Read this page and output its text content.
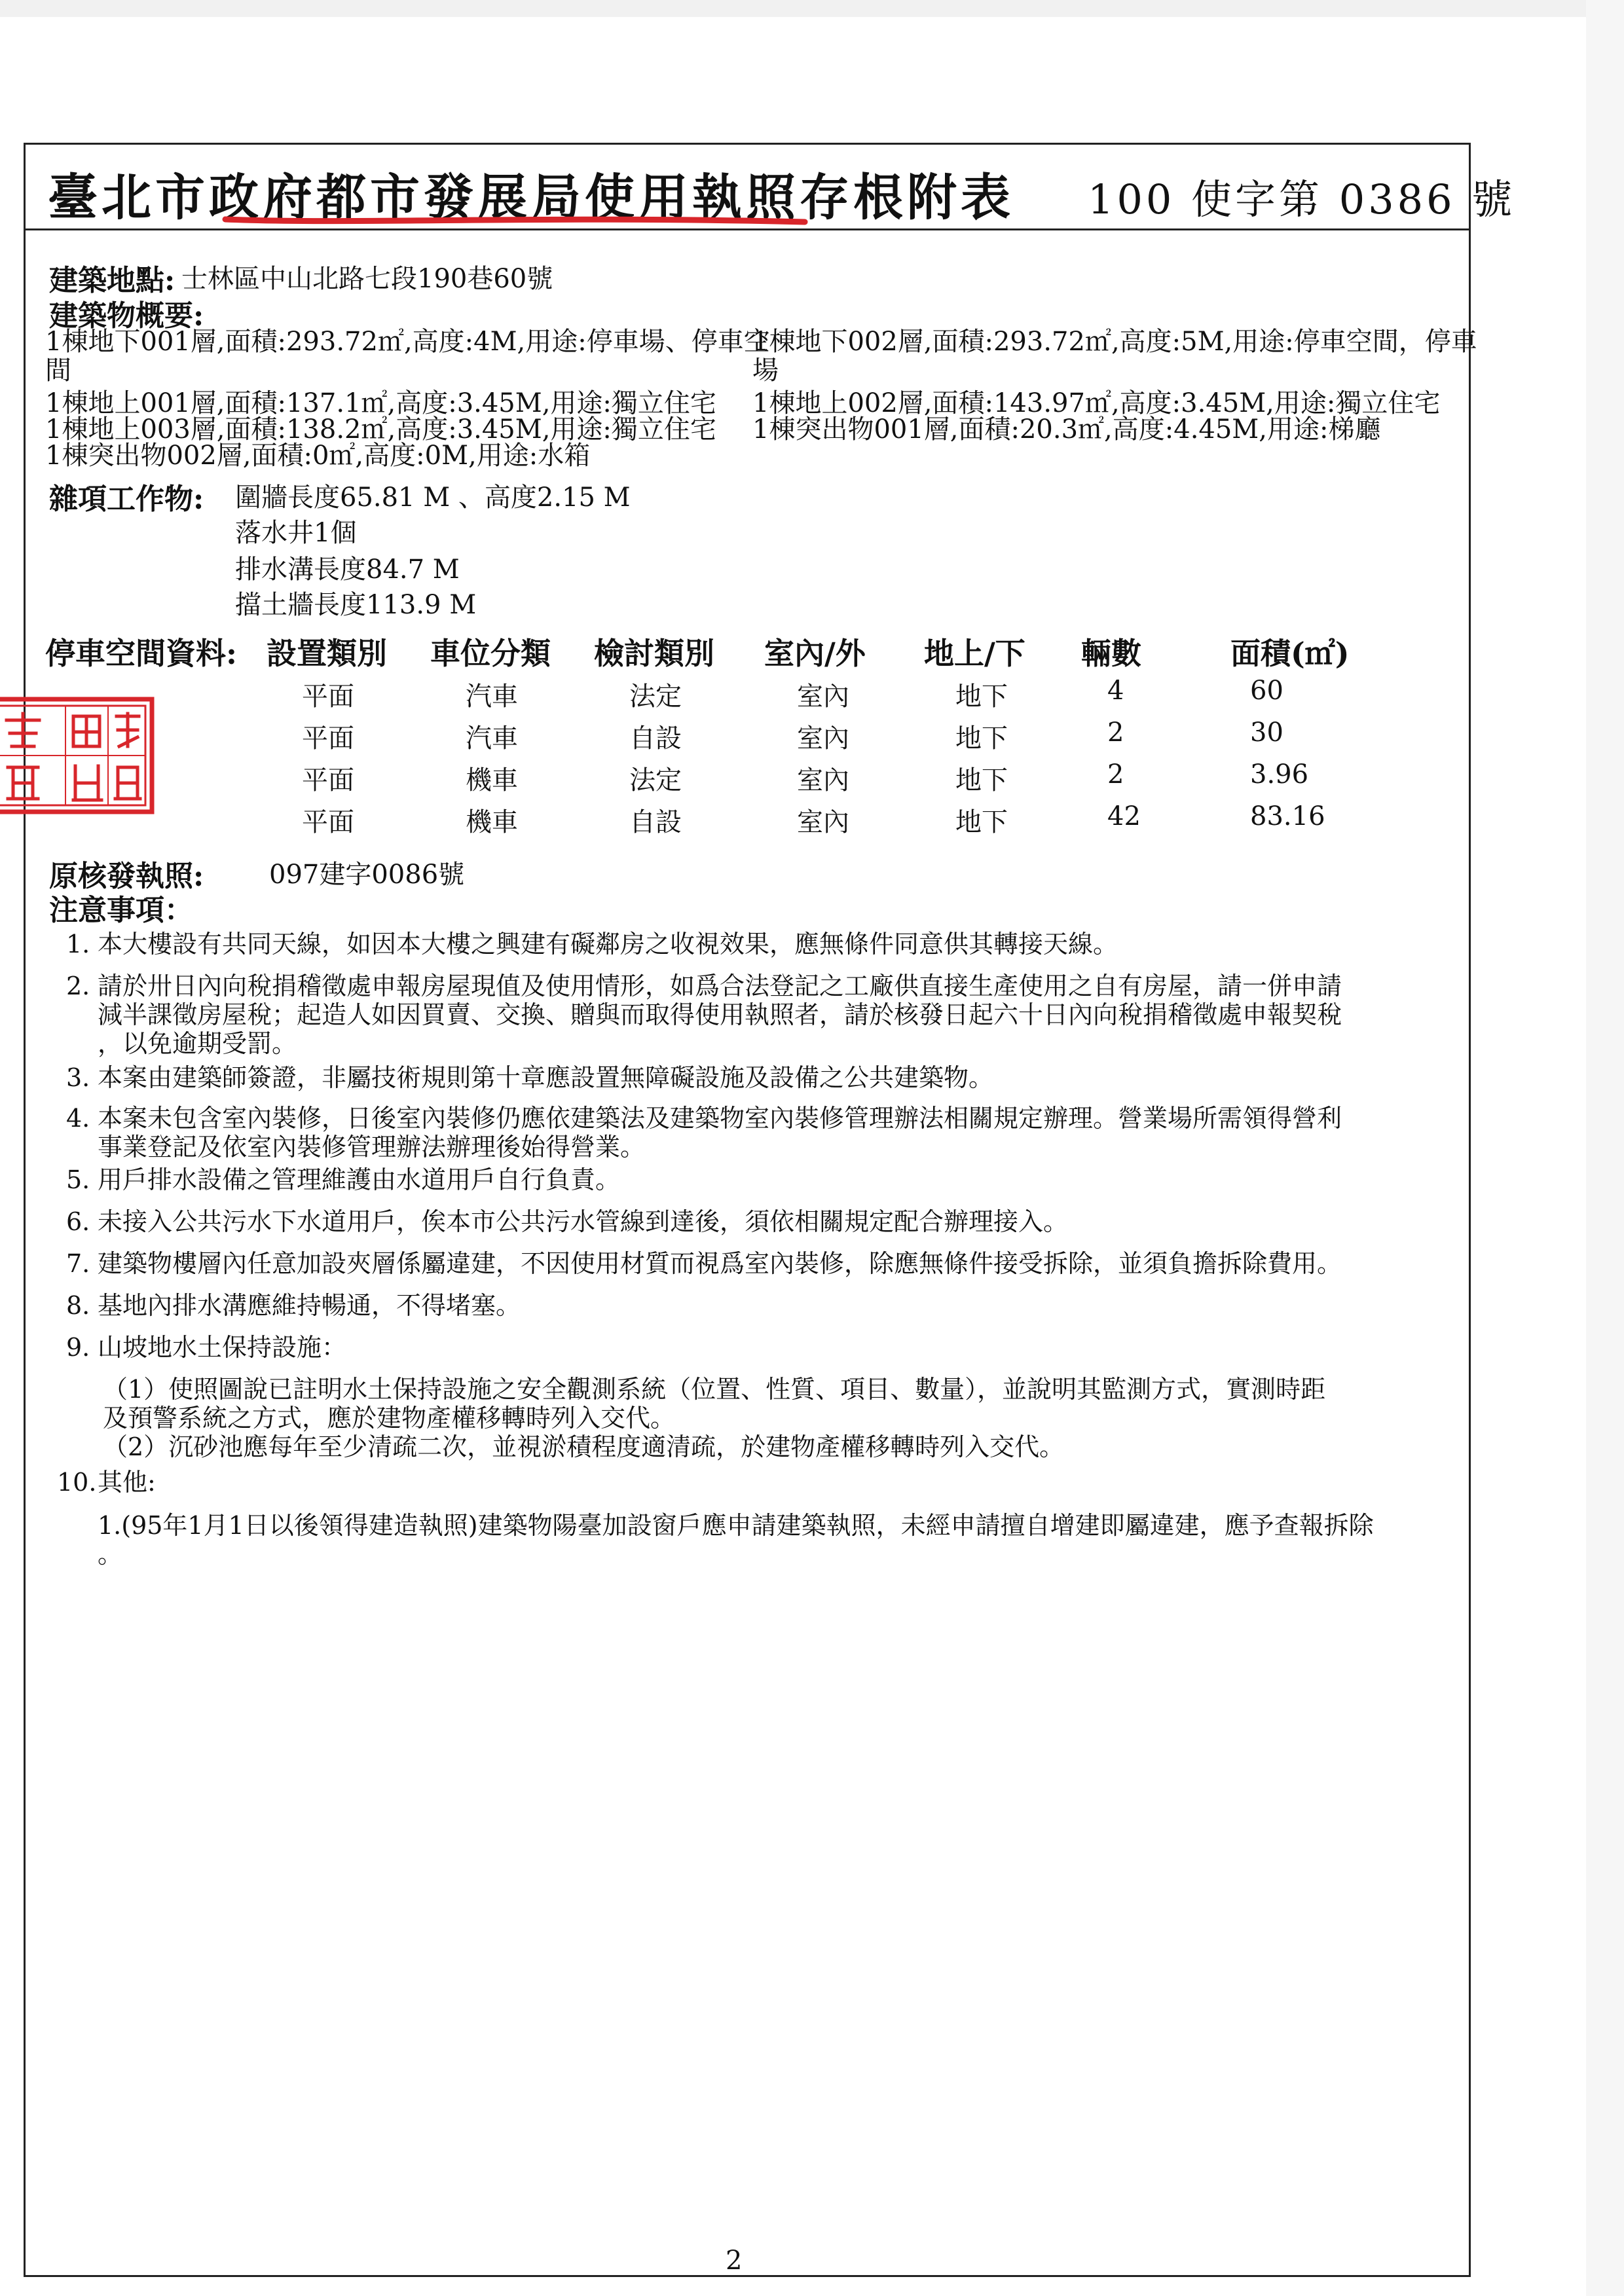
臺北市政府都市發展局使用執照存根附表 100 使字第 0386 號
建築地點: 士林區中山北路七段190巷60號
建築物概要:
1棟地下001層,面積:293.72㎡,高度:4M,用途:停車場、停車空
間
1棟地上001層,面積:137.1㎡,高度:3.45M,用途:獨立住宅
1棟地上003層,面積:138.2㎡,高度:3.45M,用途:獨立住宅
1棟突出物002層,面積:0㎡,高度:0M,用途:水箱
1棟地下002層,面積:293.72㎡,高度:5M,用途:停車空間，停車
場
1棟地上002層,面積:143.97㎡,高度:3.45M,用途:獨立住宅
1棟突出物001層,面積:20.3㎡,高度:4.45M,用途:梯廳
雜項工作物: 圍牆長度65.81 M 、高度2.15 M
落水井1個
排水溝長度84.7 M
擋土牆長度113.9 M
停車空間資料: 設置類別 車位分類 檢討類別 室內/外 地上/下 輛數	面積(㎡)
平面	汽車	法定	室內	地下	4	60
平面	汽車	自設	室內	地下	2	30
平面	機車	法定	室內	地下	2	3.96
平面	機車	自設	室內	地下	42	83.16
原核發執照: 097建字0086號
注意事項：
1. 本大樓設有共同天線，如因本大樓之興建有礙鄰房之收視效果，應無條件同意供其轉接天線。
2. 請於卅日內向稅捐稽徵處申報房屋現值及使用情形，如爲合法登記之工廠供直接生產使用之自有房屋，請一併申請
減半課徵房屋稅；起造人如因買賣、交換、贈與而取得使用執照者，請於核發日起六十日內向稅捐稽徵處申報契稅
，以免逾期受罰。
3. 本案由建築師簽證，非屬技術規則第十章應設置無障礙設施及設備之公共建築物。
4. 本案未包含室內裝修，日後室內裝修仍應依建築法及建築物室內裝修管理辦法相關規定辦理。營業場所需領得營利
事業登記及依室內裝修管理辦法辦理後始得營業。
5. 用戶排水設備之管理維護由水道用戶自行負責。
6. 未接入公共污水下水道用戶，俟本市公共污水管線到達後，須依相關規定配合辦理接入。
7. 建築物樓層內任意加設夾層係屬違建，不因使用材質而視爲室內裝修，除應無條件接受拆除，並須負擔拆除費用。
8. 基地內排水溝應維持暢通，不得堵塞。
9. 山坡地水土保持設施：
（1）使照圖說已註明水土保持設施之安全觀測系統（位置、性質、項目、數量），並說明其監測方式，實測時距
及預警系統之方式，應於建物產權移轉時列入交代。
（2）沉砂池應每年至少清疏二次，並視淤積程度適清疏，於建物產權移轉時列入交代。
10. 其他:
1.(95年1月1日以後領得建造執照)建築物陽臺加設窗戶應申請建築執照，未經申請擅自增建即屬違建，應予查報拆除
。
2
